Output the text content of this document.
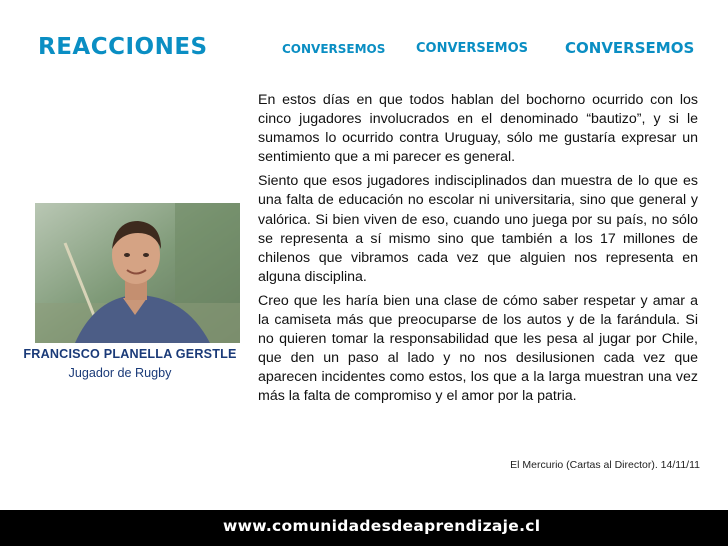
REACCIONES	CONVERSEMOS CONVERSEMOS CONVERSEMOS
FRANCISCO PLANELLA GERSTLE
Jugador de Rugby

En estos días en que todos hablan del bochorno ocurrido con los cinco jugadores involucrados en el denominado “bautizo”, y si le sumamos lo ocurrido contra Uruguay, sólo me gustaría expresar un sentimiento que a mi parecer es general.

Siento que esos jugadores indisciplinados dan muestra de lo que es una falta de educación no escolar ni universitaria, sino que general y valórica. Si bien viven de eso, cuando uno juega por su país, no sólo se representa a sí mismo sino que también a los 17 millones de chilenos que vibramos cada vez que alguien nos representa en alguna disciplina.

Creo que les haría bien una clase de cómo saber respetar y amar a la camiseta más que preocuparse de los autos y de la farándula. Si no quieren tomar la responsabilidad que les pesa al jugar por Chile, que den un paso al lado y no nos desilusionen cada vez que aparecen incidentes como estos, los que a la larga muestran una vez más la falta de compromiso y el amor por la patria.

El Mercurio (Cartas al Director). 14/11/11
www.comunidadesdeaprendizaje.cl
